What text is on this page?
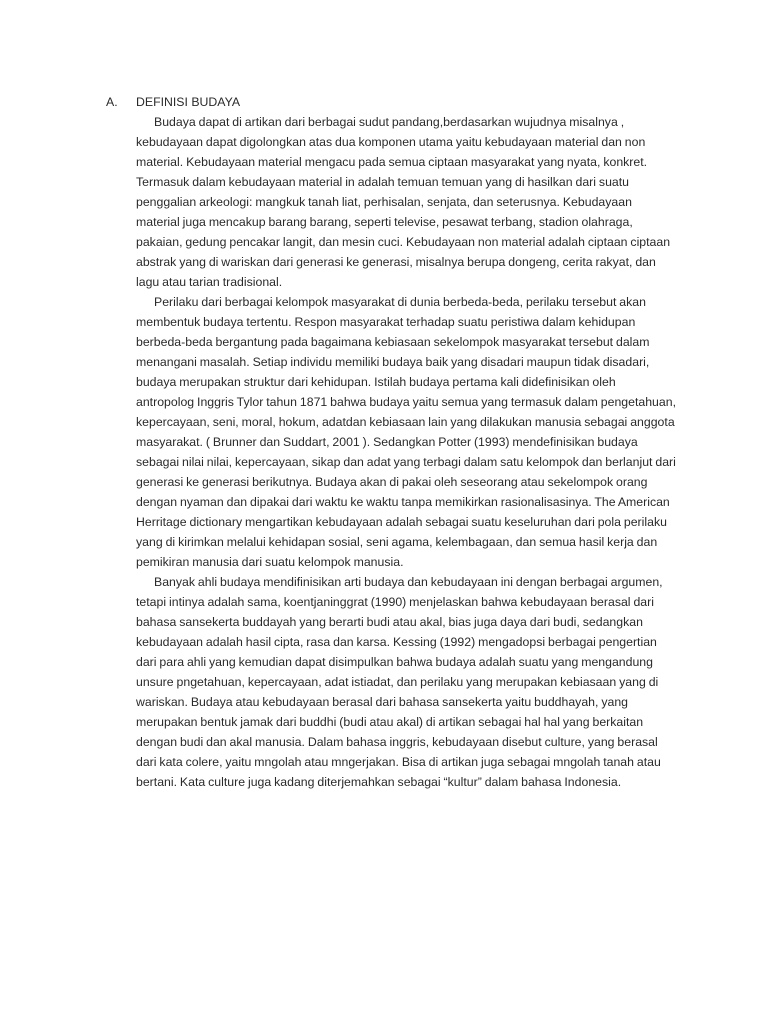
A. DEFINISI BUDAYA

Budaya dapat di artikan dari berbagai sudut pandang,berdasarkan wujudnya misalnya , kebudayaan dapat digolongkan atas dua komponen utama yaitu kebudayaan material dan non material. Kebudayaan material mengacu pada semua ciptaan masyarakat yang nyata, konkret. Termasuk dalam kebudayaan material in adalah temuan temuan yang di hasilkan dari suatu penggalian arkeologi: mangkuk tanah liat, perhisalan, senjata, dan seterusnya. Kebudayaan material juga mencakup barang barang, seperti televise, pesawat terbang, stadion olahraga, pakaian, gedung pencakar langit, dan mesin cuci. Kebudayaan non material adalah ciptaan ciptaan abstrak yang di wariskan dari generasi ke generasi, misalnya berupa dongeng, cerita rakyat, dan lagu atau tarian tradisional.

Perilaku dari berbagai kelompok masyarakat di dunia berbeda-beda, perilaku tersebut akan membentuk budaya tertentu. Respon masyarakat terhadap suatu peristiwa dalam kehidupan berbeda-beda bergantung pada bagaimana kebiasaan sekelompok masyarakat tersebut dalam menangani masalah. Setiap individu memiliki budaya baik yang disadari maupun tidak disadari, budaya merupakan struktur dari kehidupan. Istilah budaya pertama kali didefinisikan oleh antropolog Inggris Tylor tahun 1871 bahwa budaya yaitu semua yang termasuk dalam pengetahuan, kepercayaan, seni, moral, hokum, adatdan kebiasaan lain yang dilakukan manusia sebagai anggota masyarakat. ( Brunner dan Suddart, 2001 ). Sedangkan Potter (1993) mendefinisikan budaya sebagai nilai nilai, kepercayaan, sikap dan adat yang terbagi dalam satu kelompok dan berlanjut dari generasi ke generasi berikutnya. Budaya akan di pakai oleh seseorang atau sekelompok orang dengan nyaman dan dipakai dari waktu ke waktu tanpa memikirkan rasionalisasinya. The American Herritage dictionary mengartikan kebudayaan adalah sebagai suatu keseluruhan dari pola perilaku yang di kirimkan melalui kehidapan sosial, seni agama, kelembagaan, dan semua hasil kerja dan pemikiran manusia dari suatu kelompok manusia.

Banyak ahli budaya mendifinisikan arti budaya dan kebudayaan ini dengan berbagai argumen, tetapi intinya adalah sama, koentjaninggrat (1990) menjelaskan bahwa kebudayaan berasal dari bahasa sansekerta buddayah yang berarti budi atau akal, bias juga daya dari budi, sedangkan kebudayaan adalah hasil cipta, rasa dan karsa. Kessing (1992) mengadopsi berbagai pengertian dari para ahli yang kemudian dapat disimpulkan bahwa budaya adalah suatu yang mengandung unsure pngetahuan, kepercayaan, adat istiadat, dan perilaku yang merupakan kebiasaan yang di wariskan. Budaya atau kebudayaan berasal dari bahasa sansekerta yaitu buddhayah, yang merupakan bentuk jamak dari buddhi (budi atau akal) di artikan sebagai hal hal yang berkaitan dengan budi dan akal manusia. Dalam bahasa inggris, kebudayaan disebut culture, yang berasal dari kata colere, yaitu mngolah atau mngerjakan. Bisa di artikan juga sebagai mngolah tanah atau bertani. Kata culture juga kadang diterjemahkan sebagai “kultur” dalam bahasa Indonesia.
